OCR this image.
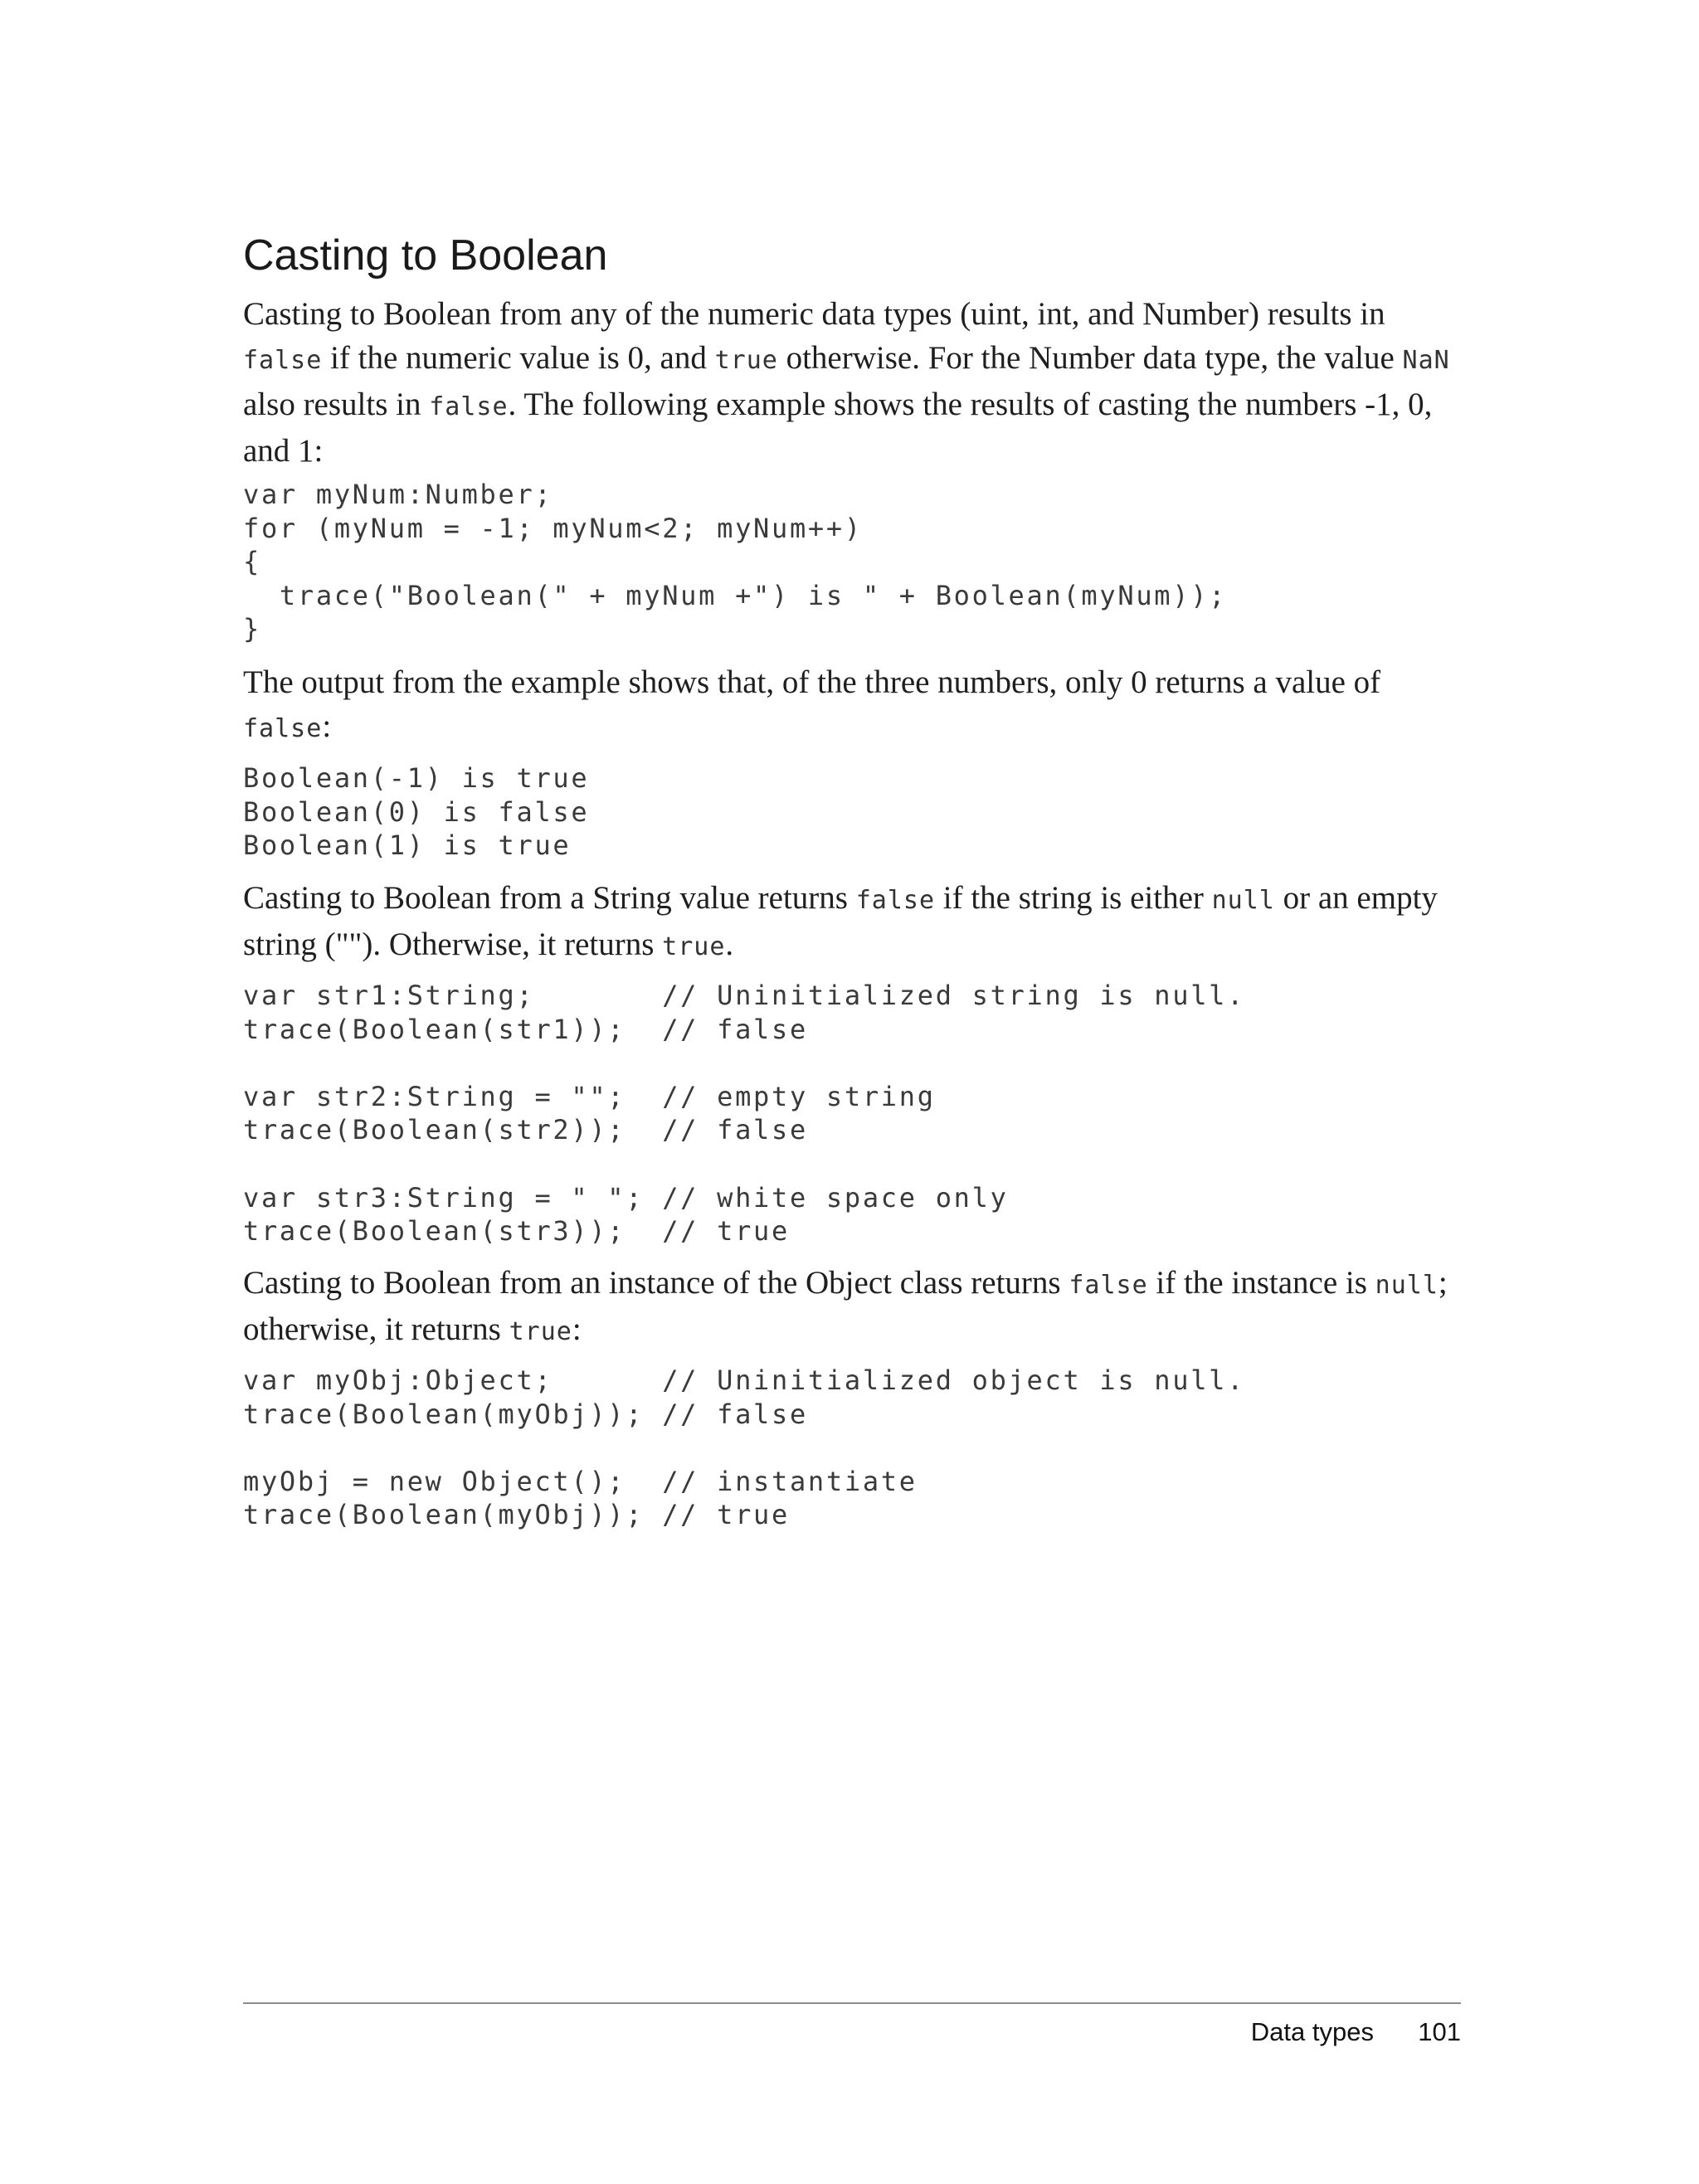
Casting to Boolean

Casting to Boolean from any of the numeric data types (uint, int, and Number) results in
false if the numeric value is 0, and true otherwise. For the Number data type, the value NaN
also results in false. The following example shows the results of casting the numbers -1, 0,
and 1:

var myNum:Number;
for (myNum = -1; myNum<2; myNum++)
{
trace("Boolean(" + myNum +") is " + Boolean(myNum));
}

The output from the example shows that, of the three numbers, only 0 returns a value of
false:

Boolean(-1) is true
Boolean(0) is false
Boolean(1) is true

Casting to Boolean from a String value returns false if the string is either null or an empty
string (""). Otherwise, it returns true.

var str1:String;       // Uninitialized string is null.
trace(Boolean(str1));  // false

var str2:String = "";  // empty string
trace(Boolean(str2));  // false

var str3:String = " "; // white space only
trace(Boolean(str3));  // true

Casting to Boolean from an instance of the Object class returns false if the instance is null;
otherwise, it returns true:

var myObj:Object;      // Uninitialized object is null.
trace(Boolean(myObj)); // false

myObj = new Object();  // instantiate
trace(Boolean(myObj)); // true
Data types 101
